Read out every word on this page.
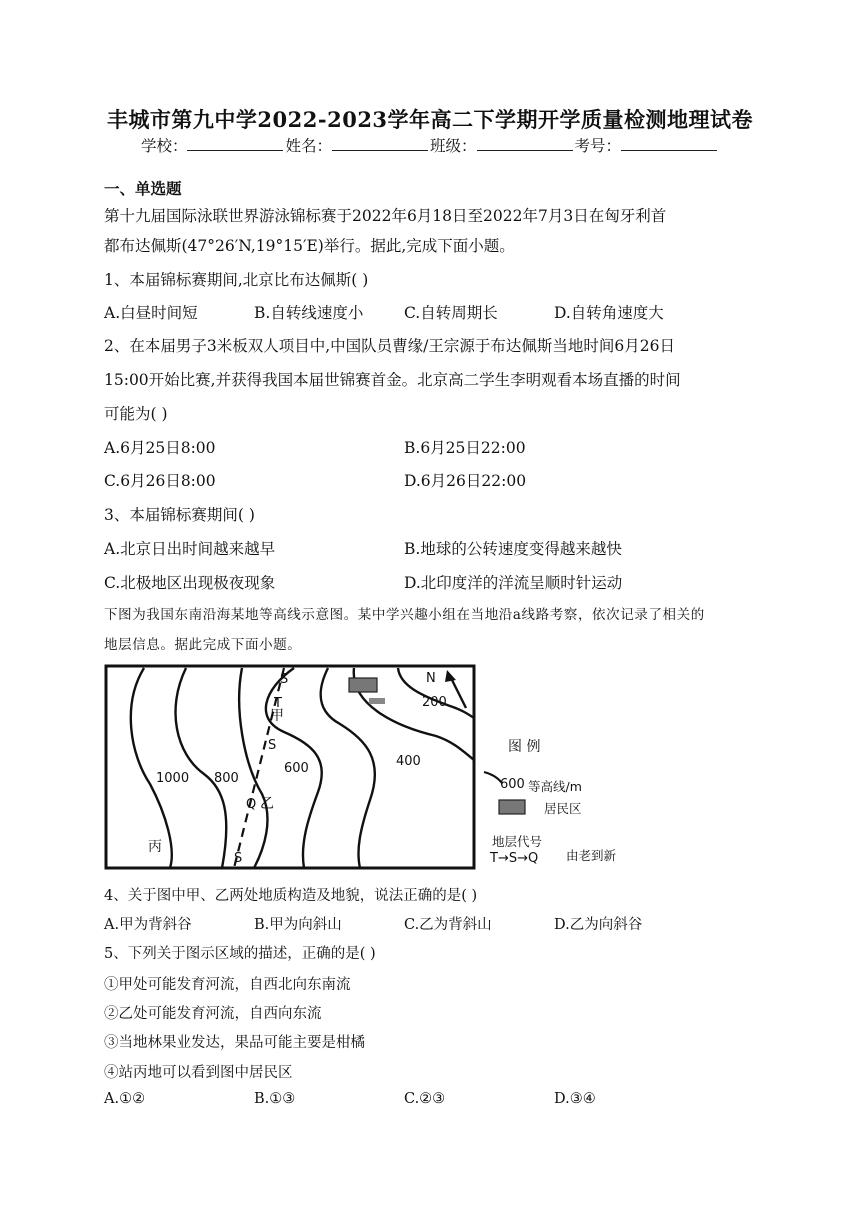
丰城市第九中学2022-2023学年高二下学期开学质量检测地理试卷
学校：	姓名：	班级：	考号：
一、单选题
第十九届国际泳联世界游泳锦标赛于2022年6月18日至2022年7月3日在匈牙利首
都布达佩斯(47°26′N,19°15′E)举行。据此,完成下面小题。
1、本届锦标赛期间,北京比布达佩斯( )
A.白昼时间短	B.自转线速度小	C.自转周期长	D.自转角速度大
2、在本届男子3米板双人项目中,中国队员曹缘/王宗源于布达佩斯当地时间6月26日
15:00开始比赛,并获得我国本届世锦赛首金。北京高二学生李明观看本场直播的时间
可能为( )
A.6月25日8:00	B.6月25日22:00
C.6月26日8:00	D.6月26日22:00
3、本届锦标赛期间( )
A.北京日出时间越来越早	B.地球的公转速度变得越来越快
C.北极地区出现极夜现象	D.北印度洋的洋流呈顺时针运动
下图为我国东南沿海某地等高线示意图。某中学兴趣小组在当地沿a线路考察，依次记录了相关的
地层信息。据此完成下面小题。
N
200
400
600
800
1000
S
T
甲
S
Q 乙
S
丙
图 例
600 等高线/m
居民区
地层代号
T→S→Q 由老到新
4、关于图中甲、乙两处地质构造及地貌，说法正确的是( )
A.甲为背斜谷	B.甲为向斜山	C.乙为背斜山	D.乙为向斜谷
5、下列关于图示区域的描述，正确的是( )
①甲处可能发育河流，自西北向东南流
②乙处可能发育河流，自西向东流
③当地林果业发达，果品可能主要是柑橘
④站丙地可以看到图中居民区
A.①②	B.①③	C.②③	D.③④
